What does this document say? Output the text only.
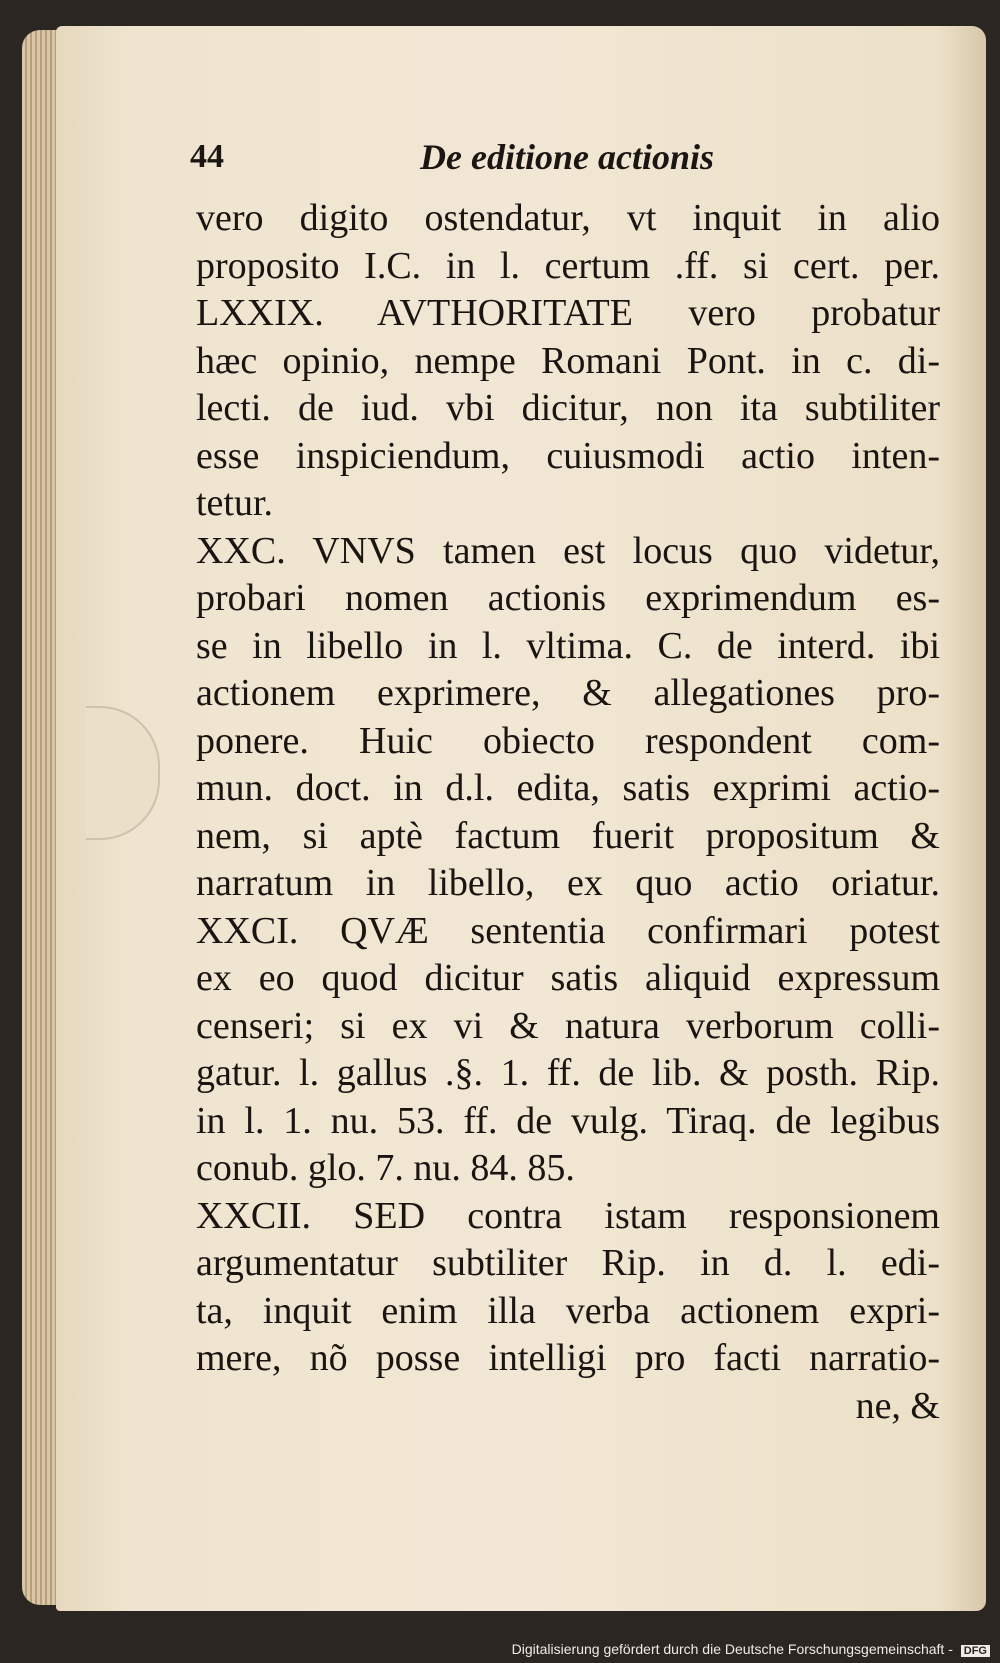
44	De editione actionis
vero digito ostendatur, vt inquit in alio
proposito I.C. in l. certum .ff. si cert. per.
LXXIX. AVTHORITATE vero probatur
hæc opinio, nempe Romani Pont. in c. di-
lecti. de iud. vbi dicitur, non ita subtiliter
esse inspiciendum, cuiusmodi actio inten-
tetur.
XXC. VNVS tamen est locus quo videtur,
probari nomen actionis exprimendum es-
se in libello in l. vltima. C. de interd. ibi
actionem exprimere, & allegationes pro-
ponere. Huic obiecto respondent com-
mun. doct. in d.l. edita, satis exprimi actio-
nem, si aptè factum fuerit propositum &
narratum in libello, ex quo actio oriatur.
XXCI. QVÆ sententia confirmari potest
ex eo quod dicitur satis aliquid expressum
censeri; si ex vi & natura verborum colli-
gatur. l. gallus .§. 1. ff. de lib. & posth. Rip.
in l. 1. nu. 53. ff. de vulg. Tiraq. de legibus
conub. glo. 7. nu. 84. 85.
XXCII. SED contra istam responsionem
argumentatur subtiliter Rip. in d. l. edi-
ta, inquit enim illa verba actionem expri-
mere, nõ posse intelligi pro facti narratio-
ne, &
Digitalisierung gefördert durch die Deutsche Forschungsgemeinschaft - DFG
